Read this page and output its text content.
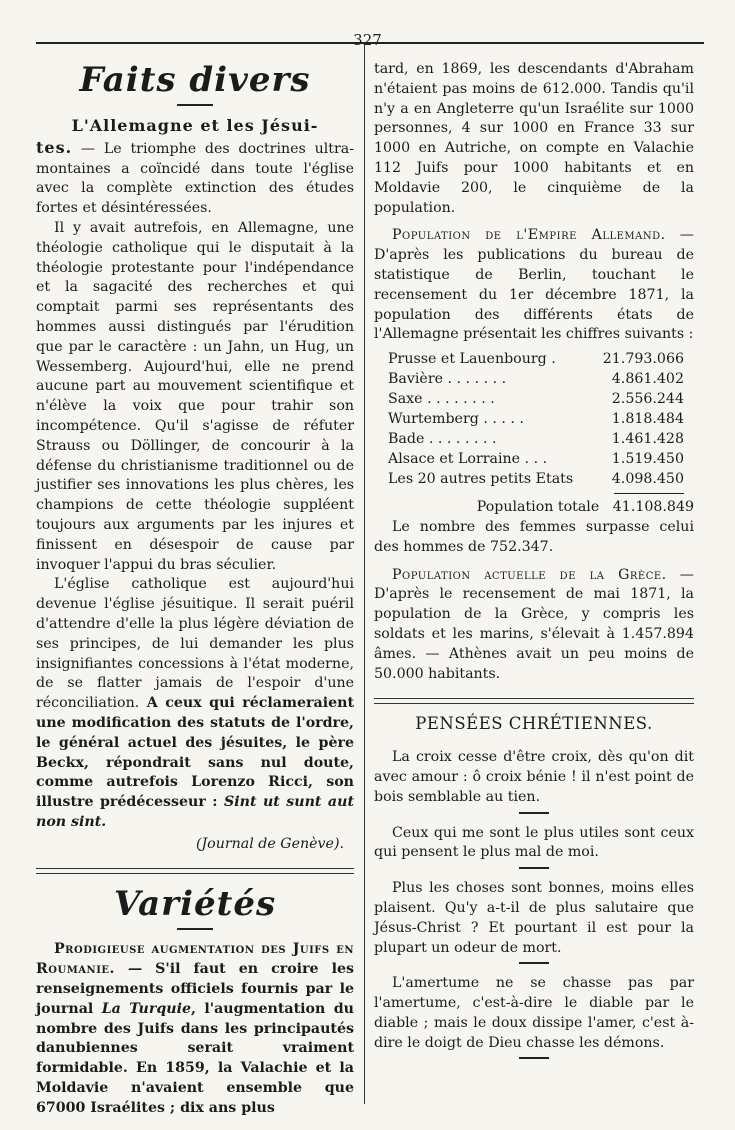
327
Faits divers

L'Allemagne et les Jésui-

tes. — Le triomphe des doctrines ultra-montaines a coïncidé dans toute l'église avec la complète extinction des études fortes et désintéressées.

Il y avait autrefois, en Allemagne, une théologie catholique qui le disputait à la théologie protestante pour l'indépendance et la sagacité des recherches et qui comptait parmi ses représentants des hommes aussi distingués par l'érudition que par le caractère : un Jahn, un Hug, un Wessemberg. Aujourd'hui, elle ne prend aucune part au mouvement scientifique et n'élève la voix que pour trahir son incompétence. Qu'il s'agisse de réfuter Strauss ou Döllinger, de concourir à la défense du christianisme traditionnel ou de justifier ses innovations les plus chères, les champions de cette théologie suppléent toujours aux arguments par les injures et finissent en désespoir de cause par invoquer l'appui du bras séculier.

L'église catholique est aujourd'hui devenue l'église jésuitique. Il serait puéril d'attendre d'elle la plus légère déviation de ses principes, de lui demander les plus insignifiantes concessions à l'état moderne, de se flatter jamais de l'espoir d'une réconciliation. A ceux qui réclameraient une modification des statuts de l'ordre, le général actuel des jésuites, le père Beckx, répondrait sans nul doute, comme autrefois Lorenzo Ricci, son illustre prédécesseur : Sint ut sunt aut non sint.

(Journal de Genève).

Variétés

Prodigieuse augmentation des Juifs en Roumanie. — S'il faut en croire les renseignements officiels fournis par le journal La Turquie, l'augmentation du nombre des Juifs dans les principautés danubiennes serait vraiment formidable. En 1859, la Valachie et la Moldavie n'avaient ensemble que 67000 Israélites ; dix ans plus

tard, en 1869, les descendants d'Abraham n'étaient pas moins de 612.000. Tandis qu'il n'y a en Angleterre qu'un Israélite sur 1000 personnes, 4 sur 1000 en France 33 sur 1000 en Autriche, on compte en Valachie 112 Juifs pour 1000 habitants et en Moldavie 200, le cinquième de la population.

Population de l'Empire Allemand. — D'après les publications du bureau de statistique de Berlin, touchant le recensement du 1er décembre 1871, la population des différents états de l'Allemagne présentait les chiffres suivants :

Prusse et Lauenbourg .	21.793.066
Bavière . . . . . . .	4.861.402
Saxe . . . . . . . .	2.556.244
Wurtemberg . . . . .	1.818.484
Bade . . . . . . . .	1.461.428
Alsace et Lorraine . . .	1.519.450
Les 20 autres petits Etats	4.098.450

Population totale 41.108.849

Le nombre des femmes surpasse celui des hommes de 752.347.

Population actuelle de la Grèce. — D'après le recensement de mai 1871, la population de la Grèce, y compris les soldats et les marins, s'élevait à 1.457.894 âmes. — Athènes avait un peu moins de 50.000 habitants.

PENSÉES CHRÉTIENNES.

La croix cesse d'être croix, dès qu'on dit avec amour : ô croix bénie ! il n'est point de bois semblable au tien.

Ceux qui me sont le plus utiles sont ceux qui pensent le plus mal de moi.

Plus les choses sont bonnes, moins elles plaisent. Qu'y a-t-il de plus salutaire que Jésus-Christ ? Et pourtant il est pour la plupart un odeur de mort.

L'amertume ne se chasse pas par l'amertume, c'est-à-dire le diable par le diable ; mais le doux dissipe l'amer, c'est à-dire le doigt de Dieu chasse les démons.
